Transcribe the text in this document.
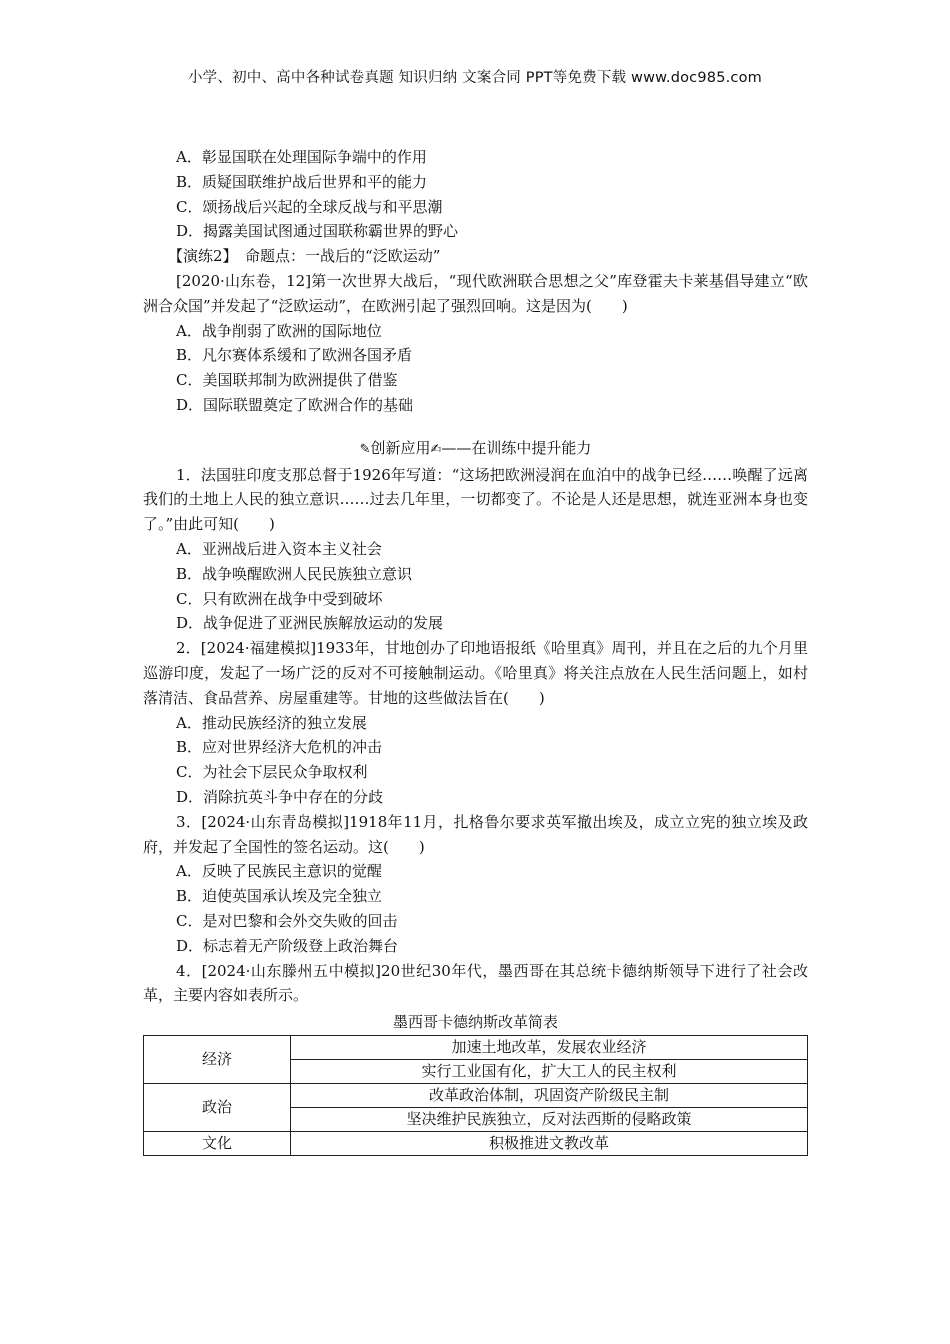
小学、初中、高中各种试卷真题 知识归纳 文案合同 PPT等免费下载 www.doc985.com
A．彰显国联在处理国际争端中的作用
B．质疑国联维护战后世界和平的能力
C．颂扬战后兴起的全球反战与和平思潮
D．揭露美国试图通过国联称霸世界的野心
【演练2】　命题点：一战后的“泛欧运动”
[2020·山东卷，12]第一次世界大战后，“现代欧洲联合思想之父”库登霍夫卡莱基倡导建立“欧洲合众国”并发起了“泛欧运动”，在欧洲引起了强烈回响。这是因为(　　)
A．战争削弱了欧洲的国际地位
B．凡尔赛体系缓和了欧洲各国矛盾
C．美国联邦制为欧洲提供了借鉴
D．国际联盟奠定了欧洲合作的基础
✎创新应用✍——在训练中提升能力
1．法国驻印度支那总督于1926年写道：“这场把欧洲浸润在血泊中的战争已经……唤醒了远离我们的土地上人民的独立意识……过去几年里，一切都变了。不论是人还是思想，就连亚洲本身也变了。”由此可知(　　)
A．亚洲战后进入资本主义社会
B．战争唤醒欧洲人民民族独立意识
C．只有欧洲在战争中受到破坏
D．战争促进了亚洲民族解放运动的发展
2．[2024·福建模拟]1933年，甘地创办了印地语报纸《哈里真》周刊，并且在之后的九个月里巡游印度，发起了一场广泛的反对不可接触制运动。《哈里真》将关注点放在人民生活问题上，如村落清洁、食品营养、房屋重建等。甘地的这些做法旨在(　　)
A．推动民族经济的独立发展
B．应对世界经济大危机的冲击
C．为社会下层民众争取权利
D．消除抗英斗争中存在的分歧
3．[2024·山东青岛模拟]1918年11月，扎格鲁尔要求英军撤出埃及，成立立宪的独立埃及政府，并发起了全国性的签名运动。这(　　)
A．反映了民族民主意识的觉醒
B．迫使英国承认埃及完全独立
C．是对巴黎和会外交失败的回击
D．标志着无产阶级登上政治舞台
4．[2024·山东滕州五中模拟]20世纪30年代，墨西哥在其总统卡德纳斯领导下进行了社会改革，主要内容如表所示。
墨西哥卡德纳斯改革简表
经济	加速土地改革，发展农业经济
	实行工业国有化，扩大工人的民主权利
政治	改革政治体制，巩固资产阶级民主制
	坚决维护民族独立，反对法西斯的侵略政策
文化	积极推进文教改革
